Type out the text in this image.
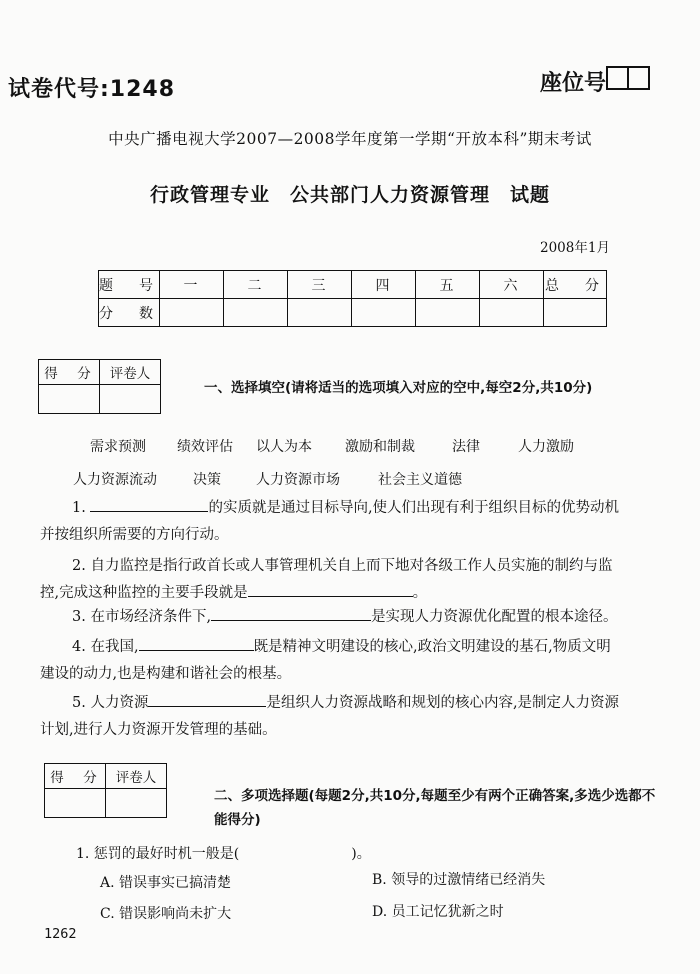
试卷代号:1248	座位号
中央广播电视大学2007—2008学年度第一学期“开放本科”期末考试
行政管理专业　公共部门人力资源管理　试题
2008年1月
题　号	一	二	三	四	五	六	总　分
分　数							
得　分	评卷人

一、选择填空(请将适当的选项填入对应的空中,每空2分,共10分)
需求预测 绩效评估 以人为本 激励和制裁	法律	人力激励
人力资源流动	决策	人力资源市场	社会主义道德
1.	的实质就是通过目标导向,使人们出现有利于组织目标的优势动机
并按组织所需要的方向行动。
2. 自力监控是指行政首长或人事管理机关自上而下地对各级工作人员实施的制约与监
控,完成这种监控的主要手段就是	。
3. 在市场经济条件下,	是实现人力资源优化配置的根本途径。
4. 在我国,	既是精神文明建设的核心,政治文明建设的基石,物质文明
建设的动力,也是构建和谐社会的根基。
5. 人力资源	是组织人力资源战略和规划的核心内容,是制定人力资源
计划,进行人力资源开发管理的基础。
得　分	评卷人

二、多项选择题(每题2分,共10分,每题至少有两个正确答案,多选少选都不能得分)
1. 惩罚的最好时机一般是(　　　　　　　　)。
A. 错误事实已搞清楚	B. 领导的过激情绪已经消失
C. 错误影响尚未扩大	D. 员工记忆犹新之时
1262
